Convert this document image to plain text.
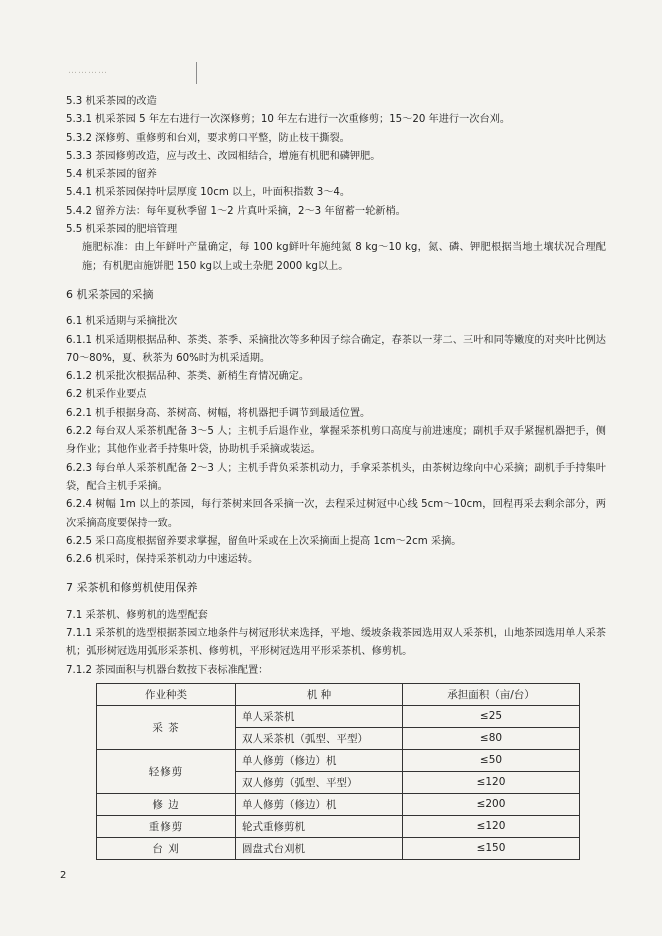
…………
5.3 机采茶园的改造
5.3.1 机采茶园 5 年左右进行一次深修剪；10 年左右进行一次重修剪；15～20 年进行一次台刈。
5.3.2 深修剪、重修剪和台刈，要求剪口平整，防止枝干撕裂。
5.3.3 茶园修剪改造，应与改土、改园相结合，增施有机肥和磷钾肥。
5.4 机采茶园的留养
5.4.1 机采茶园保持叶层厚度 10cm 以上，叶面积指数 3～4。
5.4.2 留养方法：每年夏秋季留 1～2 片真叶采摘，2～3 年留蓄一轮新梢。
5.5 机采茶园的肥培管理
施肥标准：由上年鲜叶产量确定，每 100 kg鲜叶年施纯氮 8 kg～10 kg，氮、磷、钾肥根据当地土壤状况合理配施；有机肥亩施饼肥 150 kg以上或土杂肥 2000 kg以上。
6 机采茶园的采摘
6.1 机采适期与采摘批次
6.1.1 机采适期根据品种、茶类、茶季、采摘批次等多种因子综合确定，春茶以一芽二、三叶和同等嫩度的对夹叶比例达 70～80%，夏、秋茶为 60%时为机采适期。
6.1.2 机采批次根据品种、茶类、新梢生育情况确定。
6.2 机采作业要点
6.2.1 机手根据身高、茶树高、树幅，将机器把手调节到最适位置。
6.2.2 每台双人采茶机配备 3～5 人；主机手后退作业，掌握采茶机剪口高度与前进速度；副机手双手紧握机器把手，侧身作业；其他作业者手持集叶袋，协助机手采摘或装运。
6.2.3 每台单人采茶机配备 2～3 人；主机手背负采茶机动力，手拿采茶机头，由茶树边缘向中心采摘；副机手手持集叶袋，配合主机手采摘。
6.2.4 树幅 1m 以上的茶园，每行茶树来回各采摘一次，去程采过树冠中心线 5cm～10cm，回程再采去剩余部分，两次采摘高度要保持一致。
6.2.5 采口高度根据留养要求掌握，留鱼叶采或在上次采摘面上提高 1cm～2cm 采摘。
6.2.6 机采时，保持采茶机动力中速运转。
7 采茶机和修剪机使用保养
7.1 采茶机、修剪机的选型配套
7.1.1 采茶机的选型根据茶园立地条件与树冠形状来选择，平地、缓坡条栽茶园选用双人采茶机，山地茶园选用单人采茶机；弧形树冠选用弧形采茶机、修剪机，平形树冠选用平形采茶机、修剪机。
7.1.2 茶园面积与机器台数按下表标准配置：
作业种类	机 种	承担面积（亩/台）
采 茶	单人采茶机	≤25
	双人采茶机（弧型、平型）	≤80
轻修剪	单人修剪（修边）机	≤50
	双人修剪（弧型、平型）	≤120
修 边	单人修剪（修边）机	≤200
重修剪	轮式重修剪机	≤120
台 刈	圆盘式台刈机	≤150
2
